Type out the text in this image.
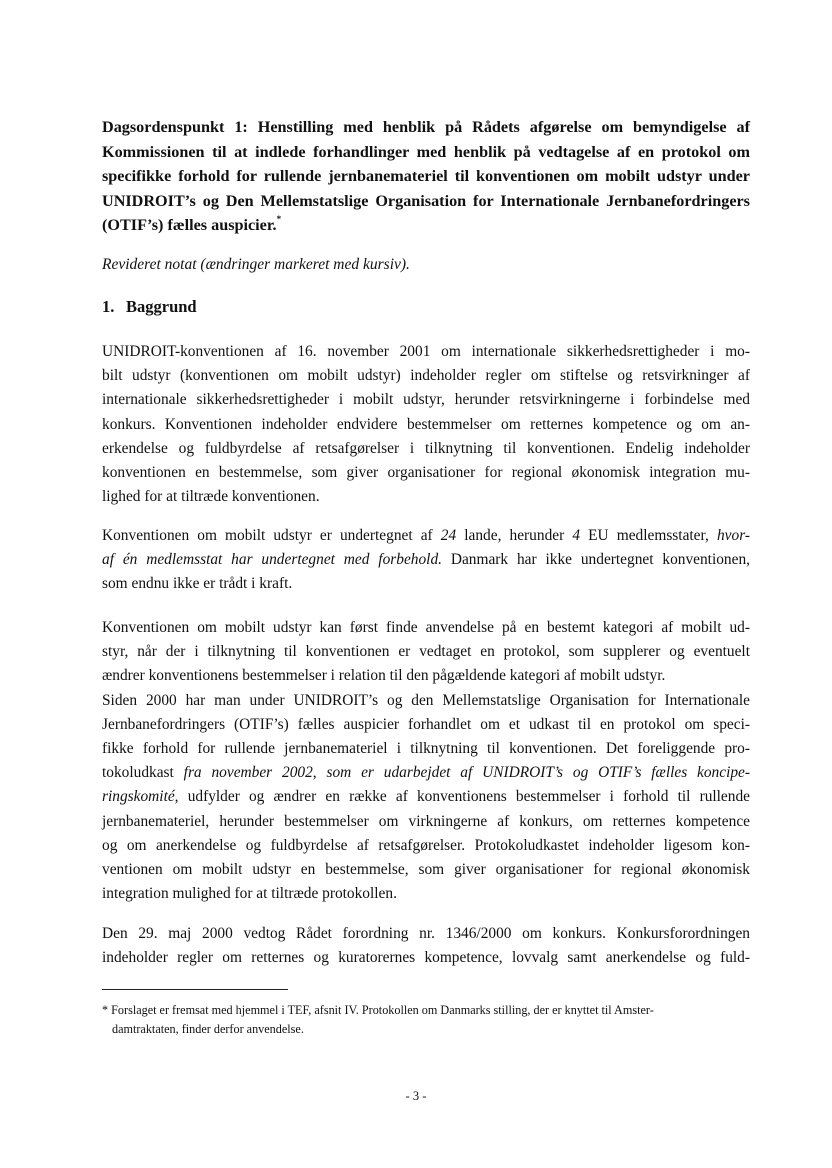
Dagsordenspunkt 1: Henstilling med henblik på Rådets afgørelse om bemyndigelse af
Kommissionen til at indlede forhandlinger med henblik på vedtagelse af en protokol om
specifikke forhold for rullende jernbanemateriel til konventionen om mobilt udstyr under
UNIDROIT’s og Den Mellemstatslige Organisation for Internationale Jernbanefordringers
(OTIF’s) fælles auspicier.*
Revideret notat (ændringer markeret med kursiv).
1. Baggrund
UNIDROIT-konventionen af 16. november 2001 om internationale sikkerhedsrettigheder i mo-
bilt udstyr (konventionen om mobilt udstyr) indeholder regler om stiftelse og retsvirkninger af
internationale sikkerhedsrettigheder i mobilt udstyr, herunder retsvirkningerne i forbindelse med
konkurs. Konventionen indeholder endvidere bestemmelser om retternes kompetence og om an-
erkendelse og fuldbyrdelse af retsafgørelser i tilknytning til konventionen. Endelig indeholder
konventionen en bestemmelse, som giver organisationer for regional økonomisk integration mu-
lighed for at tiltræde konventionen.
Konventionen om mobilt udstyr er undertegnet af 24 lande, herunder 4 EU medlemsstater, hvor-
af én medlemsstat har undertegnet med forbehold. Danmark har ikke undertegnet konventionen,
som endnu ikke er trådt i kraft.
Konventionen om mobilt udstyr kan først finde anvendelse på en bestemt kategori af mobilt ud-
styr, når der i tilknytning til konventionen er vedtaget en protokol, som supplerer og eventuelt
ændrer konventionens bestemmelser i relation til den pågældende kategori af mobilt udstyr.
Siden 2000 har man under UNIDROIT’s og den Mellemstatslige Organisation for Internationale
Jernbanefordringers (OTIF’s) fælles auspicier forhandlet om et udkast til en protokol om speci-
fikke forhold for rullende jernbanemateriel i tilknytning til konventionen. Det foreliggende pro-
tokoludkast fra november 2002, som er udarbejdet af UNIDROIT’s og OTIF’s fælles koncipe-
ringskomité, udfylder og ændrer en række af konventionens bestemmelser i forhold til rullende
jernbanemateriel, herunder bestemmelser om virkningerne af konkurs, om retternes kompetence
og om anerkendelse og fuldbyrdelse af retsafgørelser. Protokoludkastet indeholder ligesom kon-
ventionen om mobilt udstyr en bestemmelse, som giver organisationer for regional økonomisk
integration mulighed for at tiltræde protokollen.
Den 29. maj 2000 vedtog Rådet forordning nr. 1346/2000 om konkurs. Konkursforordningen
indeholder regler om retternes og kuratorernes kompetence, lovvalg samt anerkendelse og fuld-
* Forslaget er fremsat med hjemmel i TEF, afsnit IV. Protokollen om Danmarks stilling, der er knyttet til Amster-
damtraktaten, finder derfor anvendelse.
- 3 -
